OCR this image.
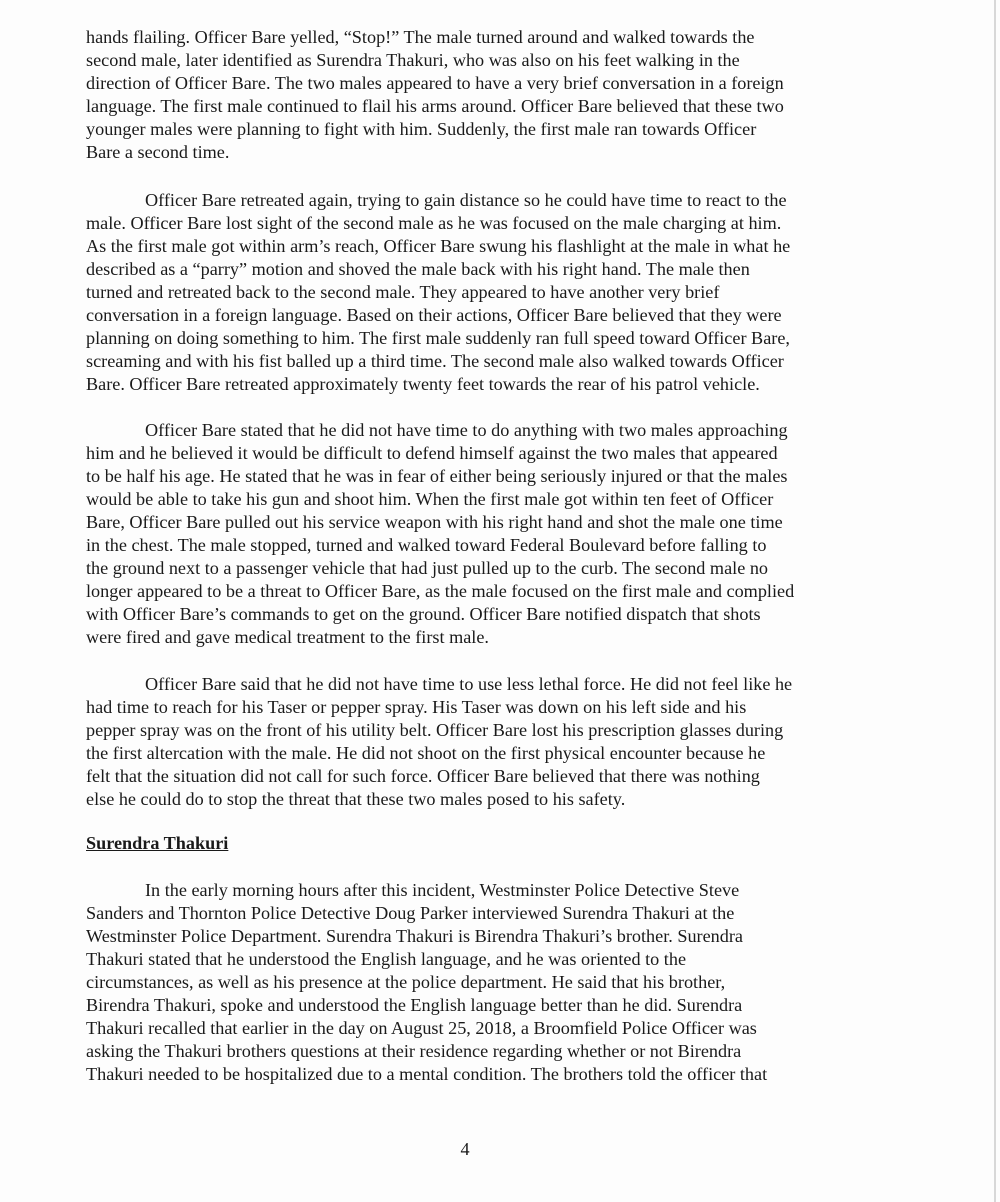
hands flailing. Officer Bare yelled, “Stop!” The male turned around and walked towards the
second male, later identified as Surendra Thakuri, who was also on his feet walking in the
direction of Officer Bare. The two males appeared to have a very brief conversation in a foreign
language. The first male continued to flail his arms around. Officer Bare believed that these two
younger males were planning to fight with him. Suddenly, the first male ran towards Officer
Bare a second time.

Officer Bare retreated again, trying to gain distance so he could have time to react to the
male. Officer Bare lost sight of the second male as he was focused on the male charging at him.
As the first male got within arm’s reach, Officer Bare swung his flashlight at the male in what he
described as a “parry” motion and shoved the male back with his right hand. The male then
turned and retreated back to the second male. They appeared to have another very brief
conversation in a foreign language. Based on their actions, Officer Bare believed that they were
planning on doing something to him. The first male suddenly ran full speed toward Officer Bare,
screaming and with his fist balled up a third time. The second male also walked towards Officer
Bare. Officer Bare retreated approximately twenty feet towards the rear of his patrol vehicle.

Officer Bare stated that he did not have time to do anything with two males approaching
him and he believed it would be difficult to defend himself against the two males that appeared
to be half his age. He stated that he was in fear of either being seriously injured or that the males
would be able to take his gun and shoot him. When the first male got within ten feet of Officer
Bare, Officer Bare pulled out his service weapon with his right hand and shot the male one time
in the chest. The male stopped, turned and walked toward Federal Boulevard before falling to
the ground next to a passenger vehicle that had just pulled up to the curb. The second male no
longer appeared to be a threat to Officer Bare, as the male focused on the first male and complied
with Officer Bare’s commands to get on the ground. Officer Bare notified dispatch that shots
were fired and gave medical treatment to the first male.

Officer Bare said that he did not have time to use less lethal force. He did not feel like he
had time to reach for his Taser or pepper spray. His Taser was down on his left side and his
pepper spray was on the front of his utility belt. Officer Bare lost his prescription glasses during
the first altercation with the male. He did not shoot on the first physical encounter because he
felt that the situation did not call for such force. Officer Bare believed that there was nothing
else he could do to stop the threat that these two males posed to his safety.

Surendra Thakuri

In the early morning hours after this incident, Westminster Police Detective Steve
Sanders and Thornton Police Detective Doug Parker interviewed Surendra Thakuri at the
Westminster Police Department. Surendra Thakuri is Birendra Thakuri’s brother. Surendra
Thakuri stated that he understood the English language, and he was oriented to the
circumstances, as well as his presence at the police department. He said that his brother,
Birendra Thakuri, spoke and understood the English language better than he did. Surendra
Thakuri recalled that earlier in the day on August 25, 2018, a Broomfield Police Officer was
asking the Thakuri brothers questions at their residence regarding whether or not Birendra
Thakuri needed to be hospitalized due to a mental condition. The brothers told the officer that

4
